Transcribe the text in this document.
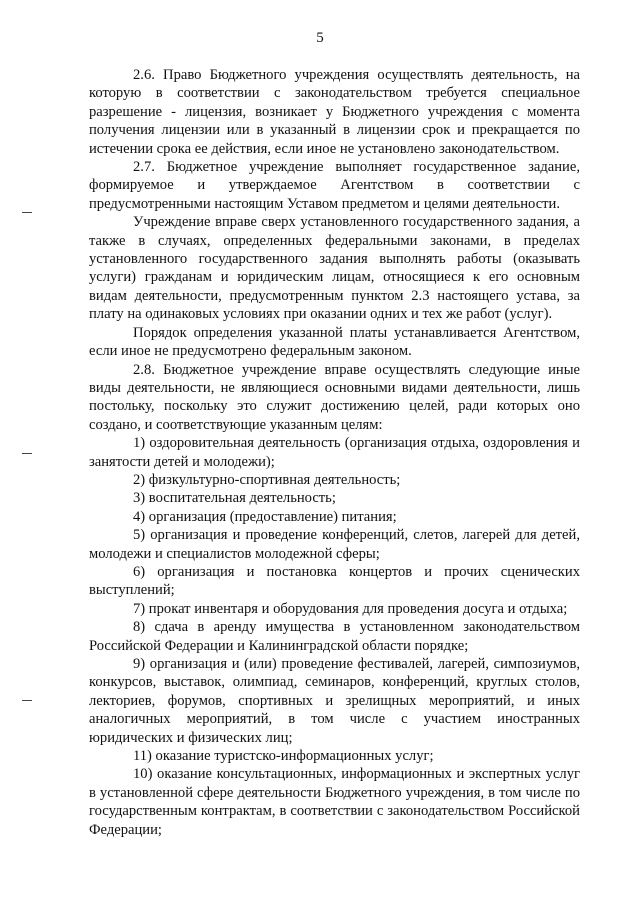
5

2.6. Право Бюджетного учреждения осуществлять деятельность, на которую в соответствии с законодательством требуется специальное разрешение - лицензия, возникает у Бюджетного учреждения с момента получения лицензии или в указанный в лицензии срок и прекращается по истечении срока ее действия, если иное не установлено законодательством.

2.7. Бюджетное учреждение выполняет государственное задание, формируемое и утверждаемое Агентством в соответствии с предусмотренными настоящим Уставом предметом и целями деятельности.

Учреждение вправе сверх установленного государственного задания, а также в случаях, определенных федеральными законами, в пределах установленного государственного задания выполнять работы (оказывать услуги) гражданам и юридическим лицам, относящиеся к его основным видам деятельности, предусмотренным пунктом 2.3 настоящего устава, за плату на одинаковых условиях при оказании одних и тех же работ (услуг).

Порядок определения указанной платы устанавливается Агентством, если иное не предусмотрено федеральным законом.

2.8. Бюджетное учреждение вправе осуществлять следующие иные виды деятельности, не являющиеся основными видами деятельности, лишь постольку, поскольку это служит достижению целей, ради которых оно создано, и соответствующие указанным целям:

1) оздоровительная деятельность (организация отдыха, оздоровления и занятости детей и молодежи);

2) физкультурно-спортивная деятельность;

3) воспитательная деятельность;

4) организация (предоставление) питания;

5) организация и проведение конференций, слетов, лагерей для детей, молодежи и специалистов молодежной сферы;

6) организация и постановка концертов и прочих сценических выступлений;

7) прокат инвентаря и оборудования для проведения досуга и отдыха;

8) сдача в аренду имущества в установленном законодательством Российской Федерации и Калининградской области порядке;

9) организация и (или) проведение фестивалей, лагерей, симпозиумов, конкурсов, выставок, олимпиад, семинаров, конференций, круглых столов, лекториев, форумов, спортивных и зрелищных мероприятий, и иных аналогичных мероприятий, в том числе с участием иностранных юридических и физических лиц;

11) оказание туристско-информационных услуг;

10) оказание консультационных, информационных и экспертных услуг в установленной сфере деятельности Бюджетного учреждения, в том числе по государственным контрактам, в соответствии с законодательством Российской Федерации;
